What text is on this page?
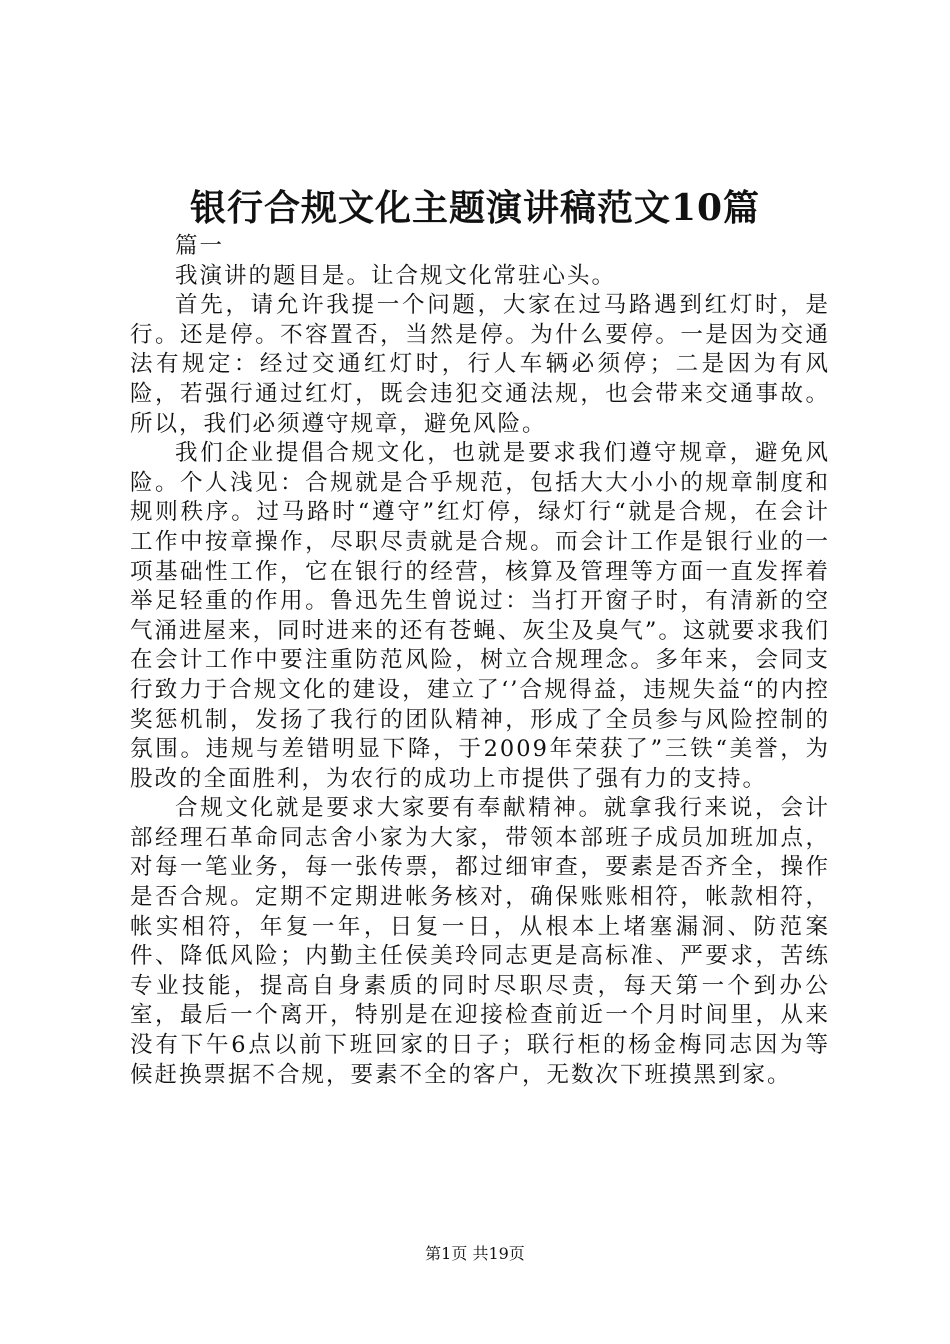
银行合规文化主题演讲稿范文10篇

篇一

我演讲的题目是。让合规文化常驻心头。

首先，请允许我提一个问题，大家在过马路遇到红灯时，是行。还是停。不容置否，当然是停。为什么要停。一是因为交通法有规定：经过交通红灯时，行人车辆必须停；二是因为有风险，若强行通过红灯，既会违犯交通法规，也会带来交通事故。所以，我们必须遵守规章，避免风险。

我们企业提倡合规文化，也就是要求我们遵守规章，避免风险。个人浅见：合规就是合乎规范，包括大大小小的规章制度和规则秩序。过马路时“遵守”红灯停，绿灯行“就是合规，在会计工作中按章操作，尽职尽责就是合规。而会计工作是银行业的一项基础性工作，它在银行的经营，核算及管理等方面一直发挥着举足轻重的作用。鲁迅先生曾说过：当打开窗子时，有清新的空气涌进屋来，同时进来的还有苍蝇、灰尘及臭气”。这就要求我们在会计工作中要注重防范风险，树立合规理念。多年来，会同支行致力于合规文化的建设，建立了‘’合规得益，违规失益“的内控奖惩机制，发扬了我行的团队精神，形成了全员参与风险控制的氛围。违规与差错明显下降，于2009年荣获了”三铁“美誉，为股改的全面胜利，为农行的成功上市提供了强有力的支持。

合规文化就是要求大家要有奉献精神。就拿我行来说，会计部经理石革命同志舍小家为大家，带领本部班子成员加班加点，对每一笔业务，每一张传票，都过细审查，要素是否齐全，操作是否合规。定期不定期进帐务核对，确保账账相符，帐款相符，帐实相符，年复一年，日复一日，从根本上堵塞漏洞、防范案件、降低风险；内勤主任侯美玲同志更是高标准、严要求，苦练专业技能，提高自身素质的同时尽职尽责，每天第一个到办公室，最后一个离开，特别是在迎接检查前近一个月时间里，从来没有下午6点以前下班回家的日子；联行柜的杨金梅同志因为等候赶换票据不合规，要素不全的客户，无数次下班摸黑到家。

第1页 共19页
